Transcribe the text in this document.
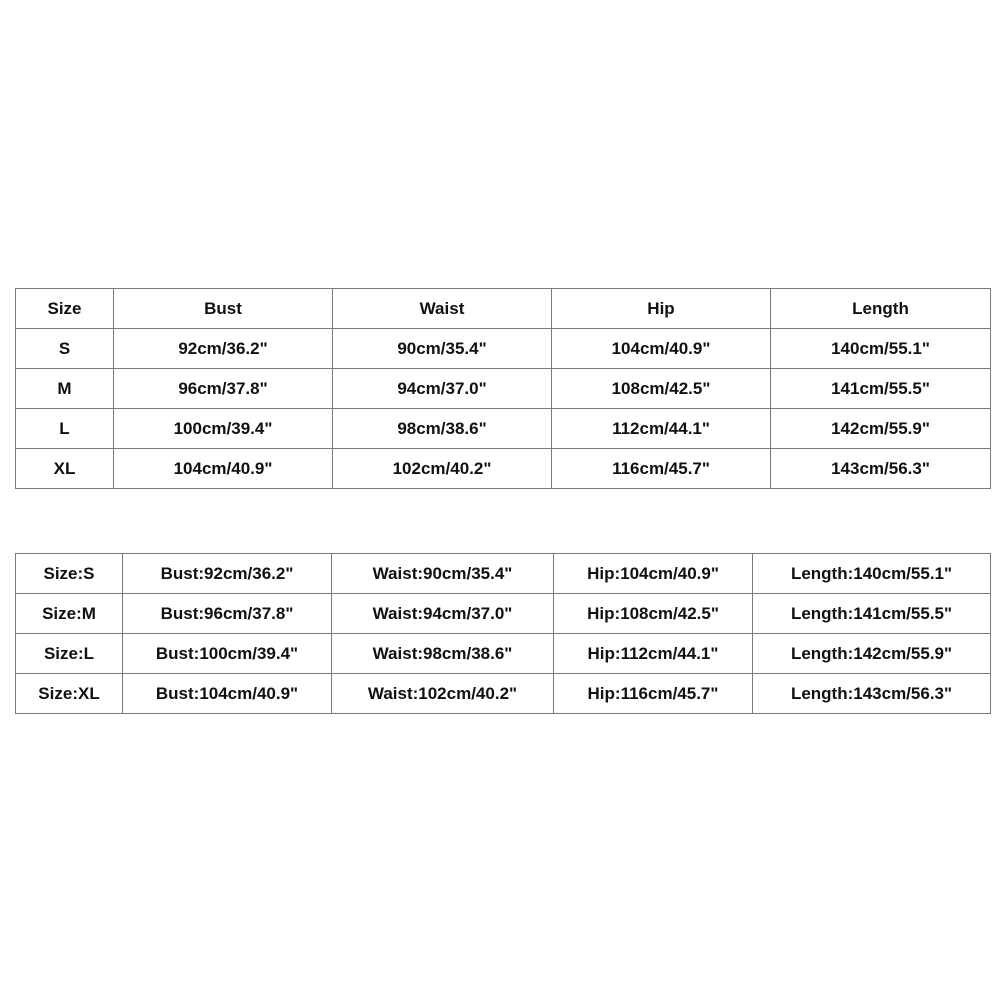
Size	Bust	Waist	Hip	Length
S	92cm/36.2"	90cm/35.4"	104cm/40.9"	140cm/55.1"
M	96cm/37.8"	94cm/37.0"	108cm/42.5"	141cm/55.5"
L	100cm/39.4"	98cm/38.6"	112cm/44.1"	142cm/55.9"
XL	104cm/40.9"	102cm/40.2"	116cm/45.7"	143cm/56.3"
Size:S	Bust:92cm/36.2"	Waist:90cm/35.4"	Hip:104cm/40.9"	Length:140cm/55.1"
Size:M	Bust:96cm/37.8"	Waist:94cm/37.0"	Hip:108cm/42.5"	Length:141cm/55.5"
Size:L	Bust:100cm/39.4"	Waist:98cm/38.6"	Hip:112cm/44.1"	Length:142cm/55.9"
Size:XL	Bust:104cm/40.9"	Waist:102cm/40.2"	Hip:116cm/45.7"	Length:143cm/56.3"
